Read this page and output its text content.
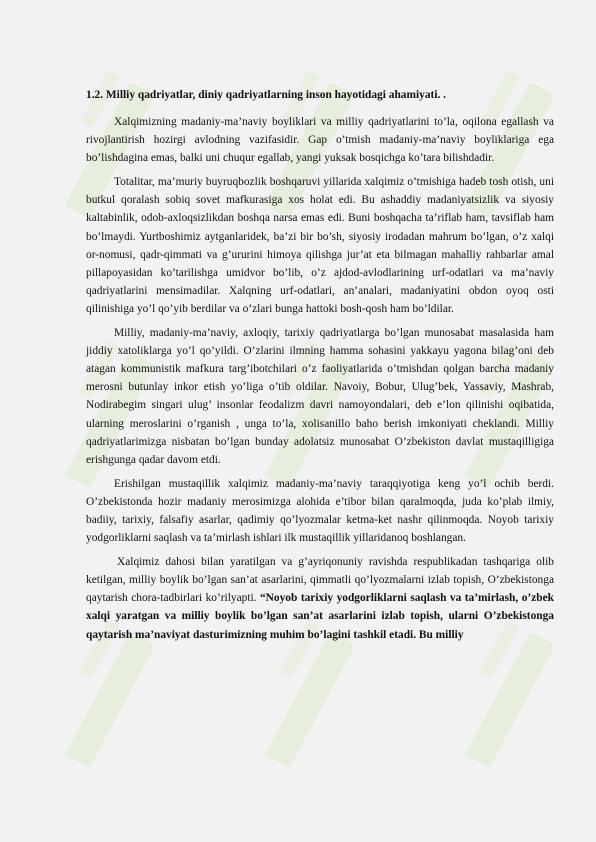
1.2. Milliy qadriyatlar, diniy qadriyatlarning inson hayotidagi ahamiyati. .

Xalqimizning madaniy-ma’naviy boyliklari va milliy qadriyatlarini to’la, oqilona egallash va rivojlantirish hozirgi avlodning vazifasidir. Gap o’tmish madaniy-ma’naviy boyliklariga ega bo’lishdagina emas, balki uni chuqur egallab, yangi yuksak bosqichga ko’tara bilishdadir.

Totalitar, ma’muriy buyruqbozlik boshqaruvi yillarida xalqimiz o’tmishiga hadeb tosh otish, uni butkul qoralash sobiq sovet mafkurasiga xos holat edi. Bu ashaddiy madaniyatsizlik va siyosiy kaltabinlik, odob-axloqsizlikdan boshqa narsa emas edi. Buni boshqacha ta’riflab ham, tavsiflab ham bo’lmaydi. Yurtboshimiz aytganlaridek, ba’zi bir bo’sh, siyosiy irodadan mahrum bo’lgan, o’z xalqi or-nomusi, qadr-qimmati va g’ururini himoya qilishga jur’at eta bilmagan mahalliy rahbarlar amal pillapoyasidan ko’tarilishga umidvor bo’lib, o’z ajdod-avlodlarining urf-odatlari va ma’naviy qadriyatlarini mensimadilar. Xalqning urf-odatlari, an’analari, madaniyatini obdon oyoq osti qilinishiga yo’l qo’yib berdilar va o’zlari bunga hattoki bosh-qosh ham bo’ldilar.

Milliy, madaniy-ma’naviy, axloqiy, tarixiy qadriyatlarga bo’lgan munosabat masalasida ham jiddiy xatoliklarga yo’l qo’yildi. O’zlarini ilmning hamma sohasini yakkayu yagona bilag’oni deb atagan kommunistik mafkura targ’ibotchilari o’z faoliyatlarida o’tmishdan qolgan barcha madaniy merosni butunlay inkor etish yo’liga o’tib oldilar. Navoiy, Bobur, Ulug’bek, Yassaviy, Mashrab, Nodirabegim singari ulug’ insonlar feodalizm davri namoyondalari, deb e’lon qilinishi oqibatida, ularning meroslarini o’rganish , unga to’la, xolisanillo baho berish imkoniyati cheklandi. Milliy qadriyatlarimizga nisbatan bo’lgan bunday adolatsiz munosabat O’zbekiston davlat mustaqilligiga erishgunga qadar davom etdi.

Erishilgan mustaqillik xalqimiz madaniy-ma’naviy taraqqiyotiga keng yo’l ochib berdi. O’zbekistonda hozir madaniy merosimizga alohida e’tibor bilan qaralmoqda, juda ko’plab ilmiy, badiiy, tarixiy, falsafiy asarlar, qadimiy qo’lyozmalar ketma-ket nashr qilinmoqda. Noyob tarixiy yodgorliklarni saqlash va ta’mirlash ishlari ilk mustaqillik yillaridanoq boshlangan.

Xalqimiz dahosi bilan yaratilgan va g’ayriqonuniy ravishda respublikadan tashqariga olib ketilgan, milliy boylik bo’lgan san’at asarlarini, qimmatli qo’lyozmalarni izlab topish, O’zbekistonga qaytarish chora-tadbirlari ko’rilyapti. “Noyob tarixiy yodgorliklarni saqlash va ta’mirlash, o’zbek xalqi yaratgan va milliy boylik bo’lgan san’at asarlarini izlab topish, ularni O’zbekistonga qaytarish ma’naviyat dasturimizning muhim bo’lagini tashkil etadi. Bu milliy
